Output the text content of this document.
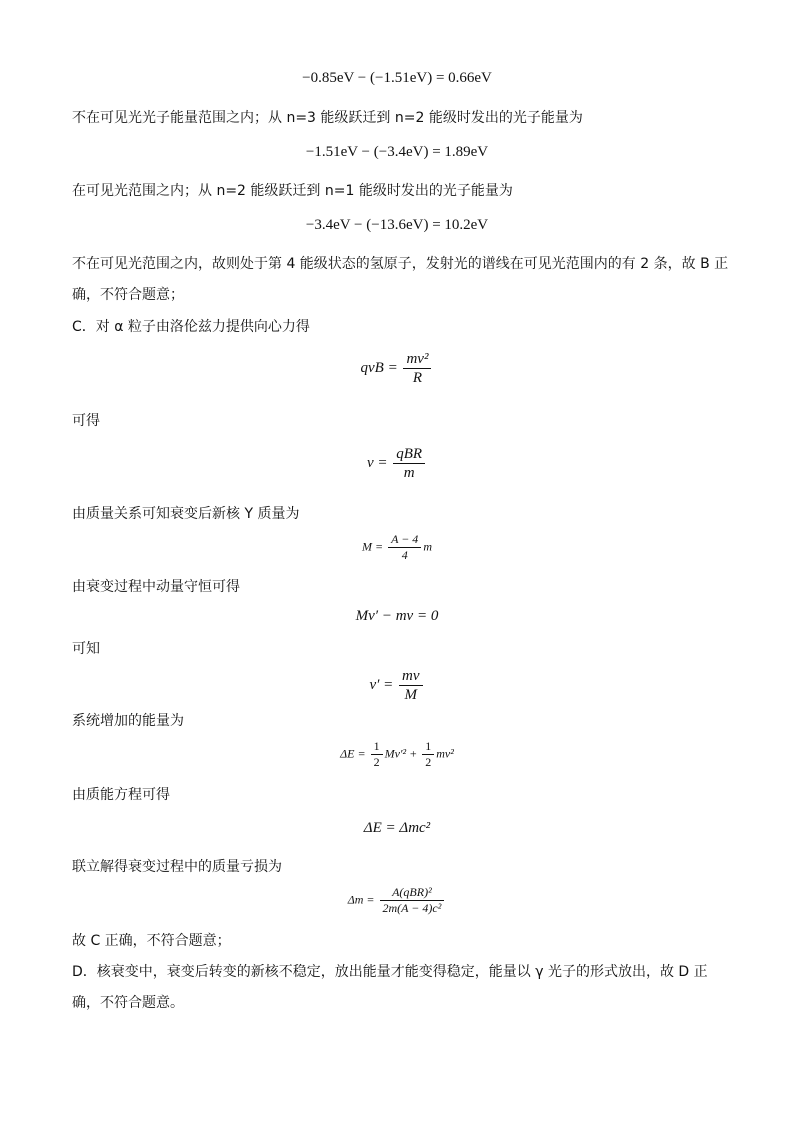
−0.85eV − (−1.51eV) = 0.66eV
不在可见光光子能量范围之内；从 n=3 能级跃迁到 n=2 能级时发出的光子能量为
−1.51eV − (−3.4eV) = 1.89eV
在可见光范围之内；从 n=2 能级跃迁到 n=1 能级时发出的光子能量为
−3.4eV − (−13.6eV) = 10.2eV
不在可见光范围之内，故则处于第 4 能级状态的氢原子，发射光的谱线在可见光范围内的有 2 条，故 B 正
确，不符合题意；
C．对 α 粒子由洛伦兹力提供向心力得
qvB = $\frac{\text{mv²}}{R}$
可得
$v = \frac{\text{qBR}}{m}$
由质量关系可知衰变后新核 Y 质量为
$M = \frac{A - 4}{4}$ m
由衰变过程中动量守恒可得
Mv′ − mv = 0
可知
$v' = \frac{mv}{M}$
系统增加的能量为
$\Delta E = \frac{1}{2} Mv'^2 + \frac{1}{2} mv^2$
由质能方程可得
ΔE = Δmc²
联立解得衰变过程中的质量亏损为
$\Delta m = \frac{\text{A(qBR)²}}{\text{2m(A − 4)c²}}$
故 C 正确，不符合题意；
D．核衰变中，衰变后转变的新核不稳定，放出能量才能变得稳定，能量以 γ 光子的形式放出，故 D 正
确，不符合题意。
